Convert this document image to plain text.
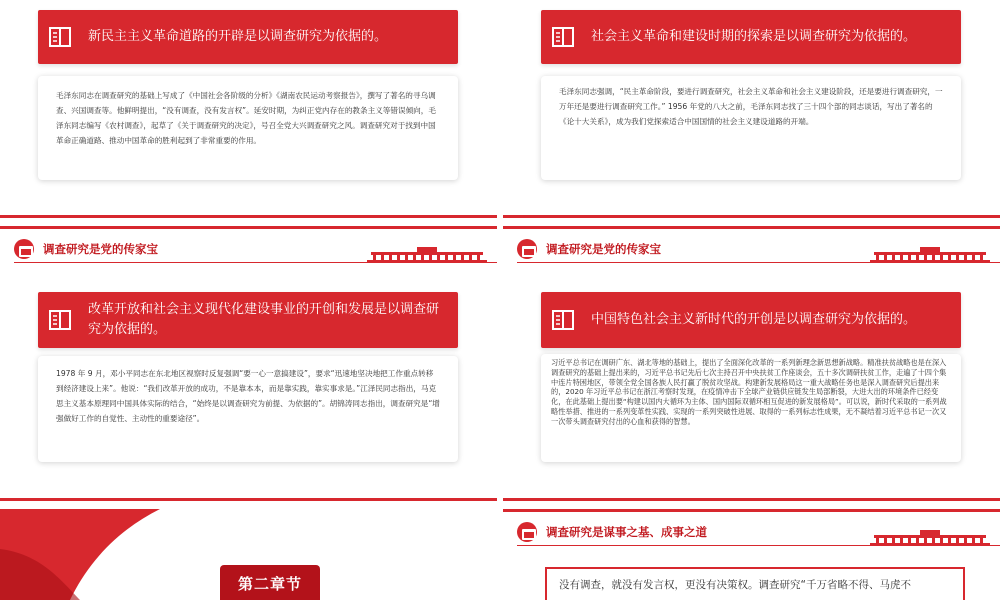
新民主主义革命道路的开辟是以调查研究为依据的。
毛泽东同志在调查研究的基础上写成了《中国社会各阶级的分析》《湖南农民运动考察报告》，撰写了著名的寻乌调查、兴国调查等。他鲜明提出，“没有调查，没有发言权”。延安时期，为纠正党内存在的教条主义等错误倾向，毛泽东同志编写《农村调查》，起草了《关于调查研究的决定》，号召全党大兴调查研究之风。调查研究对于找到中国革命正确道路、推动中国革命的胜利起到了非常重要的作用。
社会主义革命和建设时期的探索是以调查研究为依据的。
毛泽东同志强调，“民主革命阶段，要进行调查研究，社会主义革命和社会主义建设阶段，还是要进行调查研究，一万年还是要进行调查研究工作。” 1956 年党的八大之前，毛泽东同志找了三十四个部的同志谈话，写出了著名的《论十大关系》，成为我们党探索适合中国国情的社会主义建设道路的开端。
调查研究是党的传家宝
改革开放和社会主义现代化建设事业的开创和发展是以调查研究为依据的。
1978 年 9 月，邓小平同志在东北地区视察时反复强调“要一心一意搞建设”，要求“迅速地坚决地把工作重点转移到经济建设上来”。他说：“我们改革开放的成功，不是靠本本，而是靠实践，靠实事求是。”江泽民同志指出，马克思主义基本原理同中国具体实际的结合，“始终是以调查研究为前提、为依据的”。胡锦涛同志指出，调查研究是“增强做好工作的自觉性、主动性的重要途径”。
调查研究是党的传家宝
中国特色社会主义新时代的开创是以调查研究为依据的。
习近平总书记在调研广东、湖北等地的基础上，提出了全面深化改革的一系列新理念新思想新战略。精准扶贫战略也是在深入调查研究的基础上提出来的，习近平总书记先后七次主持召开中央扶贫工作座谈会，五十多次调研扶贫工作，走遍了十四个集中连片特困地区，带领全党全国各族人民打赢了脱贫攻坚战。构建新发展格局这一重大战略任务也是深入调查研究后提出来的，2020 年习近平总书记在浙江考察时发现，在疫情冲击下全球产业链供应链发生局部断裂，大进大出的环境条件已经变化，在此基础上提出要“构建以国内大循环为主体、国内国际双循环相互促进的新发展格局”。可以说，新时代采取的一系列战略性举措、推进的一系列变革性实践、实现的一系列突破性进展、取得的一系列标志性成果，无不凝结着习近平总书记一次又一次带头调查研究付出的心血和获得的智慧。
第二章节
调查研究是谋事之基、成事之道
没有调查，就没有发言权，更没有决策权。调查研究“千万省略不得、马虎不
